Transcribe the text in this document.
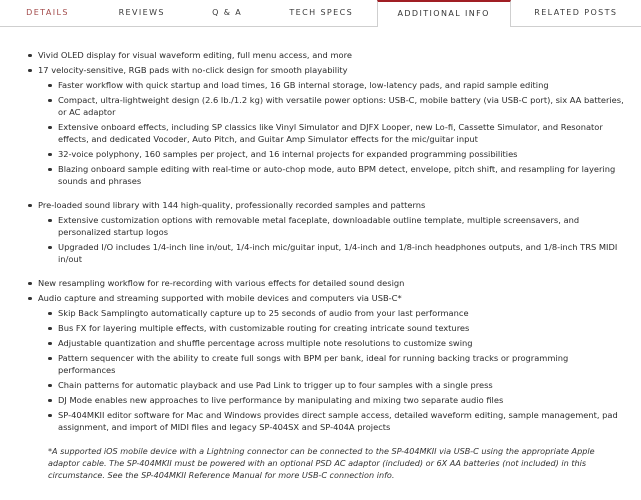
DETAILS	REVIEWS	Q & A	TECH SPECS	ADDITIONAL INFO	RELATED POSTS
Vivid OLED display for visual waveform editing, full menu access, and more
17 velocity-sensitive, RGB pads with no-click design for smooth playability
Faster workflow with quick startup and load times, 16 GB internal storage, low-latency pads, and rapid sample editing
Compact, ultra-lightweight design (2.6 lb./1.2 kg) with versatile power options: USB-C, mobile battery (via USB-C port), six AA batteries, or AC adaptor
Extensive onboard effects, including SP classics like Vinyl Simulator and DJFX Looper, new Lo-fi, Cassette Simulator, and Resonator effects, and dedicated Vocoder, Auto Pitch, and Guitar Amp Simulator effects for the mic/guitar input
32-voice polyphony, 160 samples per project, and 16 internal projects for expanded programming possibilities
Blazing onboard sample editing with real-time or auto-chop mode, auto BPM detect, envelope, pitch shift, and resampling for layering sounds and phrases
Pre-loaded sound library with 144 high-quality, professionally recorded samples and patterns
Extensive customization options with removable metal faceplate, downloadable outline template, multiple screensavers, and personalized startup logos
Upgraded I/O includes 1/4-inch line in/out, 1/4-inch mic/guitar input, 1/4-inch and 1/8-inch headphones outputs, and 1/8-inch TRS MIDI in/out
New resampling workflow for re-recording with various effects for detailed sound design
Audio capture and streaming supported with mobile devices and computers via USB-C*
Skip Back Samplingto automatically capture up to 25 seconds of audio from your last performance
Bus FX for layering multiple effects, with customizable routing for creating intricate sound textures
Adjustable quantization and shuffle percentage across multiple note resolutions to customize swing
Pattern sequencer with the ability to create full songs with BPM per bank, ideal for running backing tracks or programming performances
Chain patterns for automatic playback and use Pad Link to trigger up to four samples with a single press
DJ Mode enables new approaches to live performance by manipulating and mixing two separate audio files
SP-404MKII editor software for Mac and Windows provides direct sample access, detailed waveform editing, sample management, pad assignment, and import of MIDI files and legacy SP-404SX and SP-404A projects

*A supported iOS mobile device with a Lightning connector can be connected to the SP-404MKII via USB-C using the appropriate Apple adaptor cable. The SP-404MKII must be powered with an optional PSD AC adaptor (included) or 6X AA batteries (not included) in this circumstance. See the SP-404MKII Reference Manual for more USB-C connection info.
